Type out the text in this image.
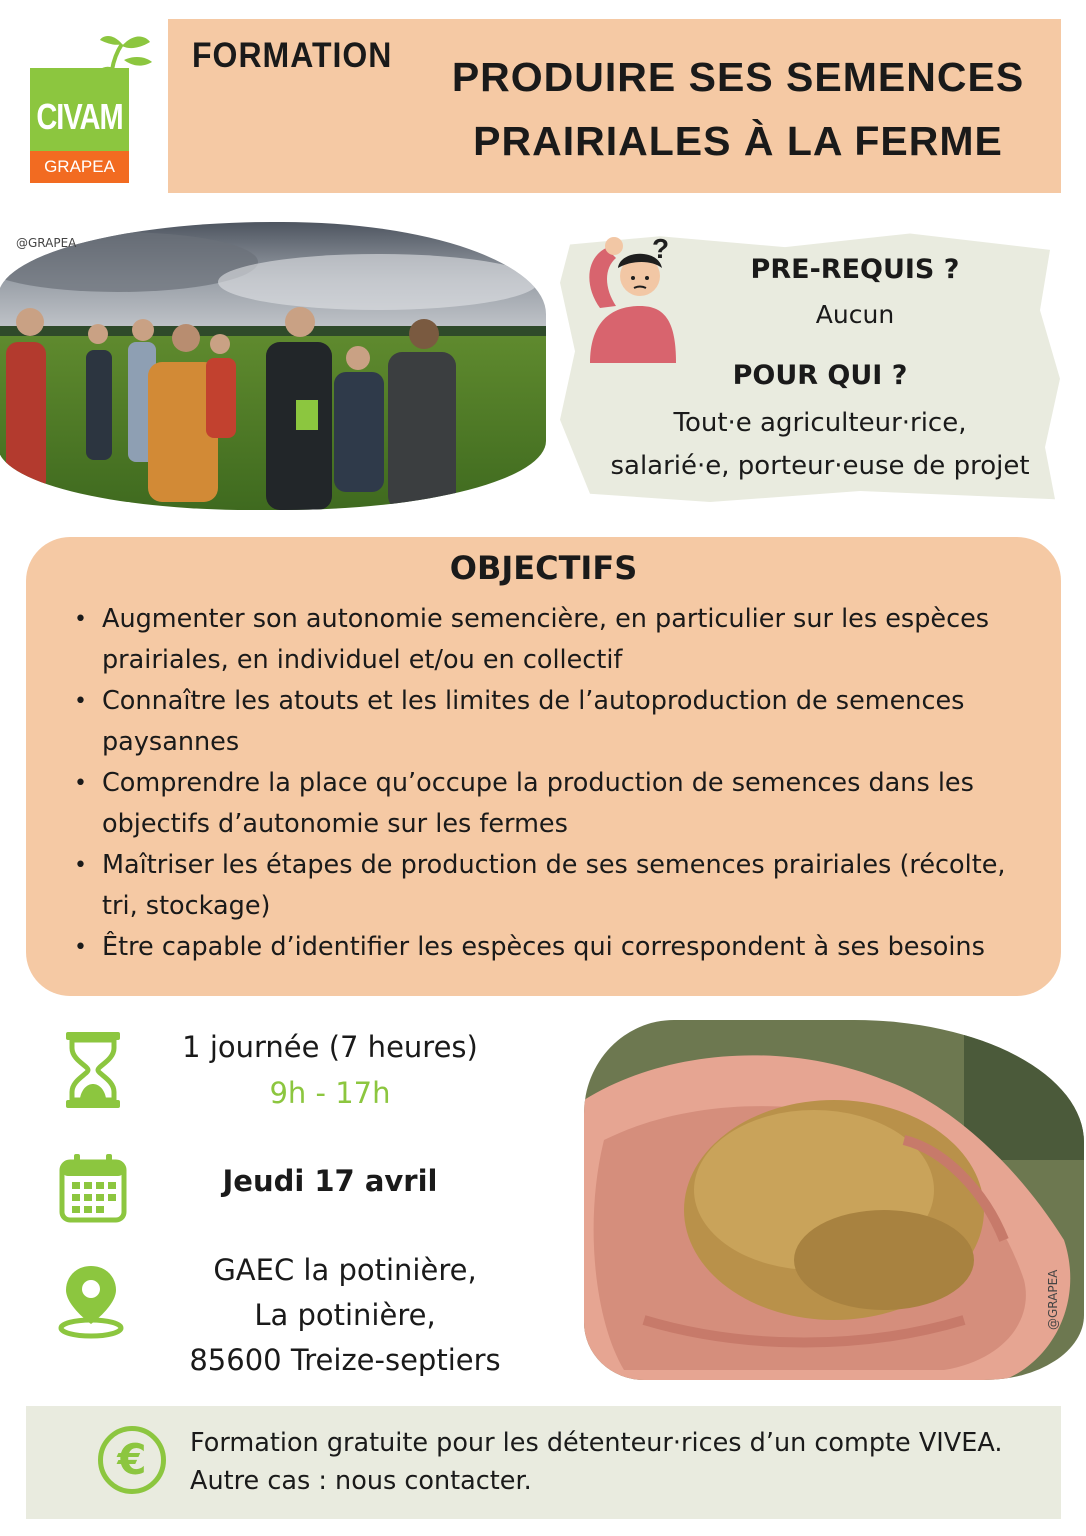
CIVAM
GRAPEA
FORMATION PRODUIRE SES SEMENCES
PRAIRIALES À LA FERME
@GRAPEA	?
PRE-REQUIS ?
Aucun
POUR QUI ?
Tout·e agriculteur·rice,
salarié·e, porteur·euse de projet
OBJECTIFS
• Augmenter son autonomie semencière, en particulier sur les espèces prairiales, en individuel et/ou en collectif
• Connaître les atouts et les limites de l’autoproduction de semences paysannes
• Comprendre la place qu’occupe la production de semences dans les objectifs d’autonomie sur les fermes
• Maîtriser les étapes de production de ses semences prairiales (récolte, tri, stockage)
• Être capable d’identifier les espèces qui correspondent à ses besoins
1 journée (7 heures)
9h - 17h
Jeudi 17 avril
GAEC la potinière,
La potinière,
85600 Treize-septiers
@GRAPEA
€	Formation gratuite pour les détenteur·rices d’un compte VIVEA.
Autre cas : nous contacter.
